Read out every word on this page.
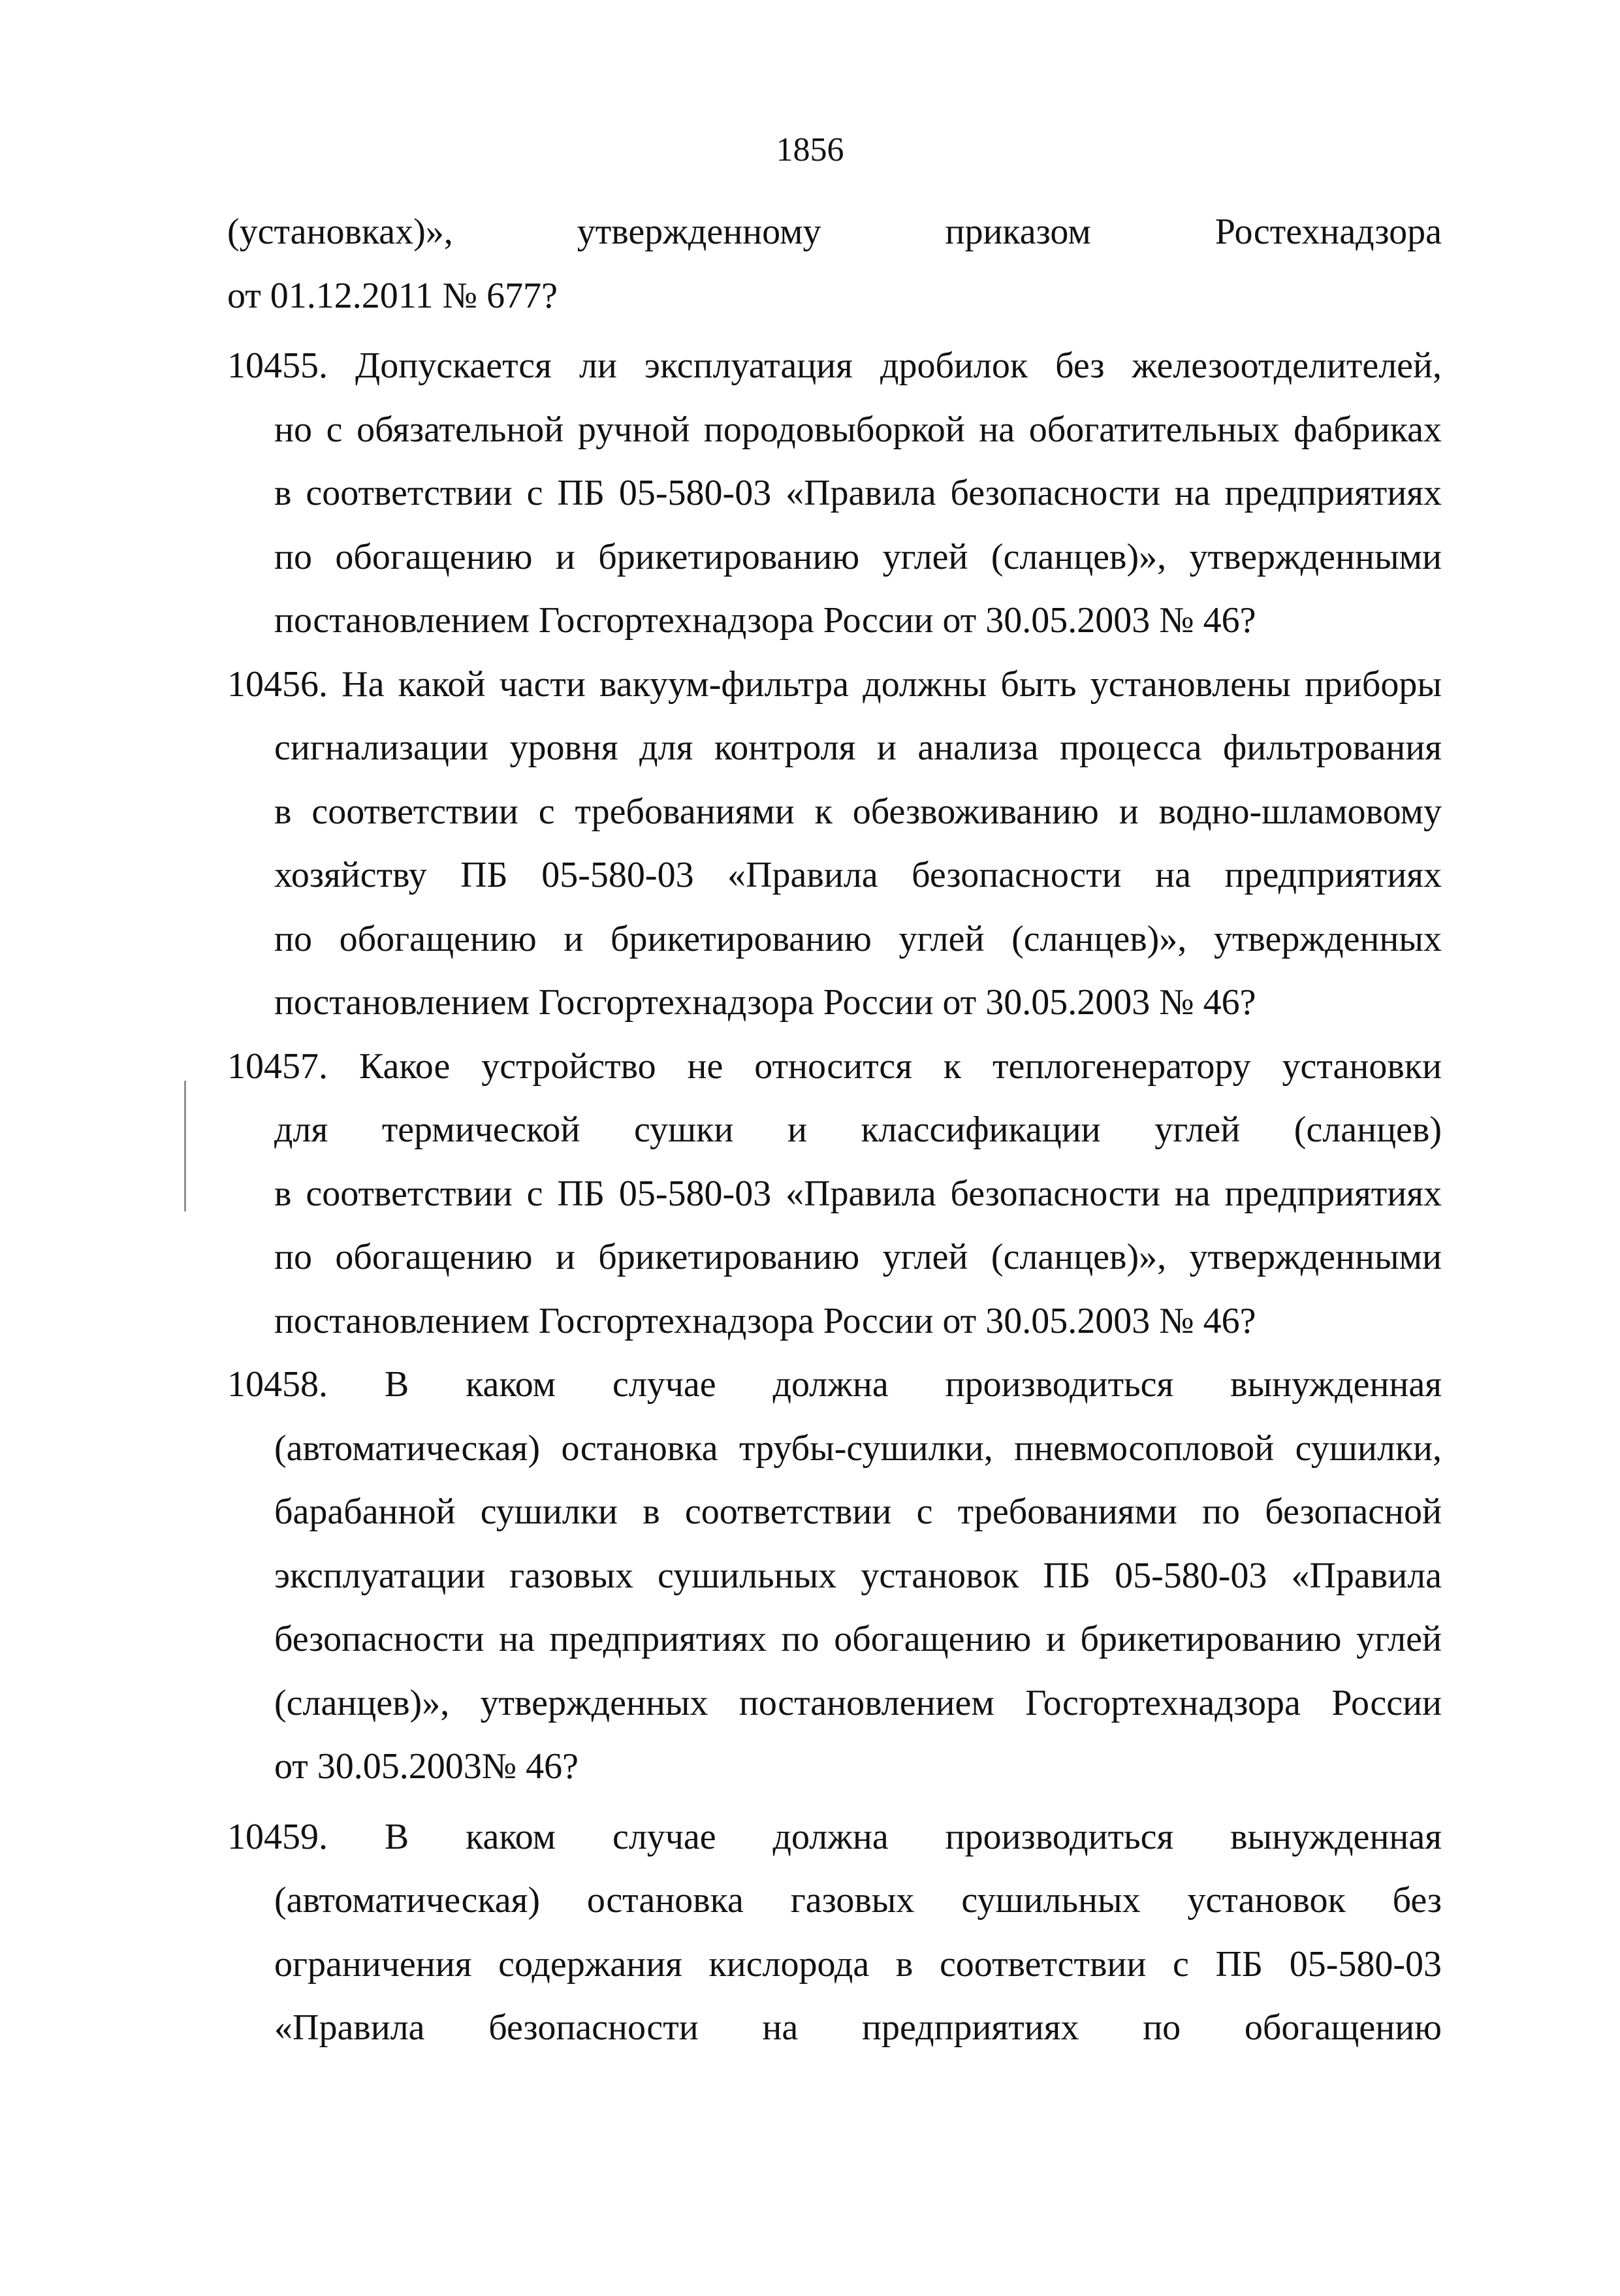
1856
(установках)», утвержденному приказом Ростехнадзора
от 01.12.2011 № 677?
10455. Допускается ли эксплуатация дробилок без железоотделителей,
но с обязательной ручной породовыборкой на обогатительных фабриках
в соответствии с ПБ 05-580-03 «Правила безопасности на предприятиях
по обогащению и брикетированию углей (сланцев)», утвержденными
постановлением Госгортехнадзора России от 30.05.2003 № 46?
10456. На какой части вакуум-фильтра должны быть установлены приборы
сигнализации уровня для контроля и анализа процесса фильтрования
в соответствии с требованиями к обезвоживанию и водно-шламовому
хозяйству ПБ 05-580-03 «Правила безопасности на предприятиях
по обогащению и брикетированию углей (сланцев)», утвержденных
постановлением Госгортехнадзора России от 30.05.2003 № 46?
10457. Какое устройство не относится к теплогенератору установки
для термической сушки и классификации углей (сланцев)
в соответствии с ПБ 05-580-03 «Правила безопасности на предприятиях
по обогащению и брикетированию углей (сланцев)», утвержденными
постановлением Госгортехнадзора России от 30.05.2003 № 46?
10458. В каком случае должна производиться вынужденная
(автоматическая) остановка трубы-сушилки, пневмосопловой сушилки,
барабанной сушилки в соответствии с требованиями по безопасной
эксплуатации газовых сушильных установок ПБ 05-580-03 «Правила
безопасности на предприятиях по обогащению и брикетированию углей
(сланцев)», утвержденных постановлением Госгортехнадзора России
от 30.05.2003№ 46?
10459. В каком случае должна производиться вынужденная
(автоматическая) остановка газовых сушильных установок без
ограничения содержания кислорода в соответствии с ПБ 05-580-03
«Правила безопасности на предприятиях по обогащению
